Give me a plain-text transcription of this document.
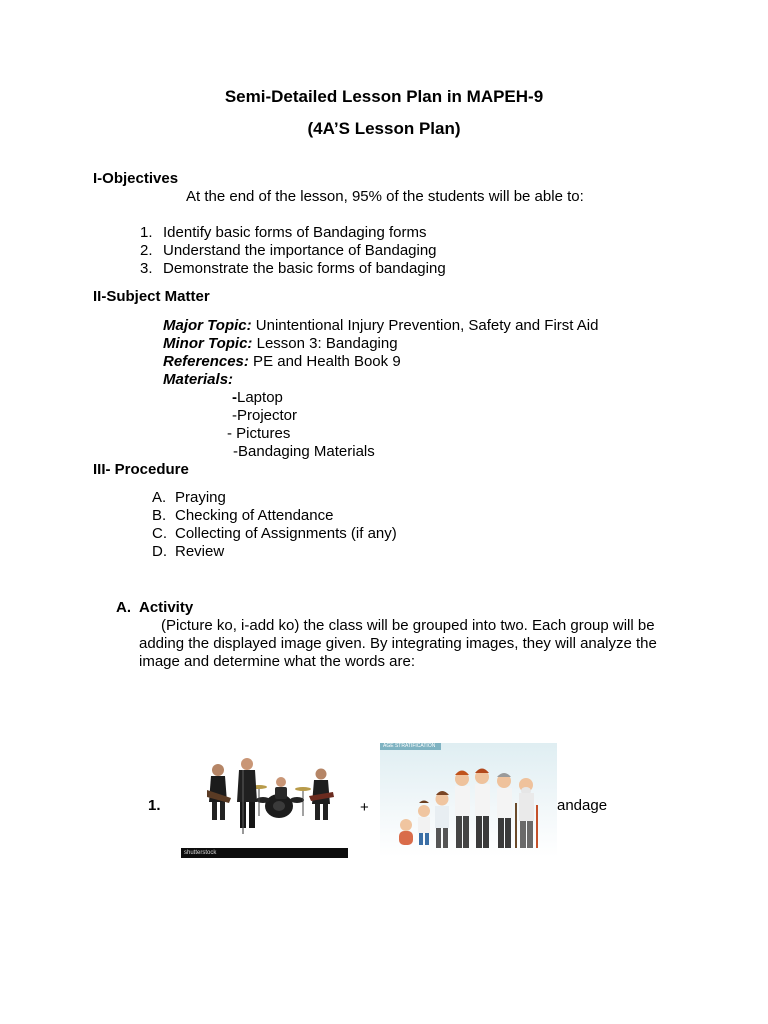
Semi-Detailed Lesson Plan in MAPEH-9
(4A’S Lesson Plan)
I-Objectives
At the end of the lesson, 95% of the students will be able to:
1. Identify basic forms of Bandaging forms
2. Understand the importance of Bandaging
3. Demonstrate the basic forms of bandaging
II-Subject Matter
Major Topic: Unintentional Injury Prevention, Safety and First Aid
Minor Topic: Lesson 3: Bandaging
References: PE and Health Book 9
Materials:
-Laptop
-Projector
- Pictures
-Bandaging Materials
III- Procedure
A. Praying
B. Checking of Attendance
C. Collecting of Assignments (if any)
D. Review
A. Activity
(Picture ko, i-add ko) the class will be grouped into two. Each group will be adding the displayed image given. By integrating images, they will analyze the image and determine what the words are:
1.
shutterstock
+
AGE STRATIFICATION
andage
